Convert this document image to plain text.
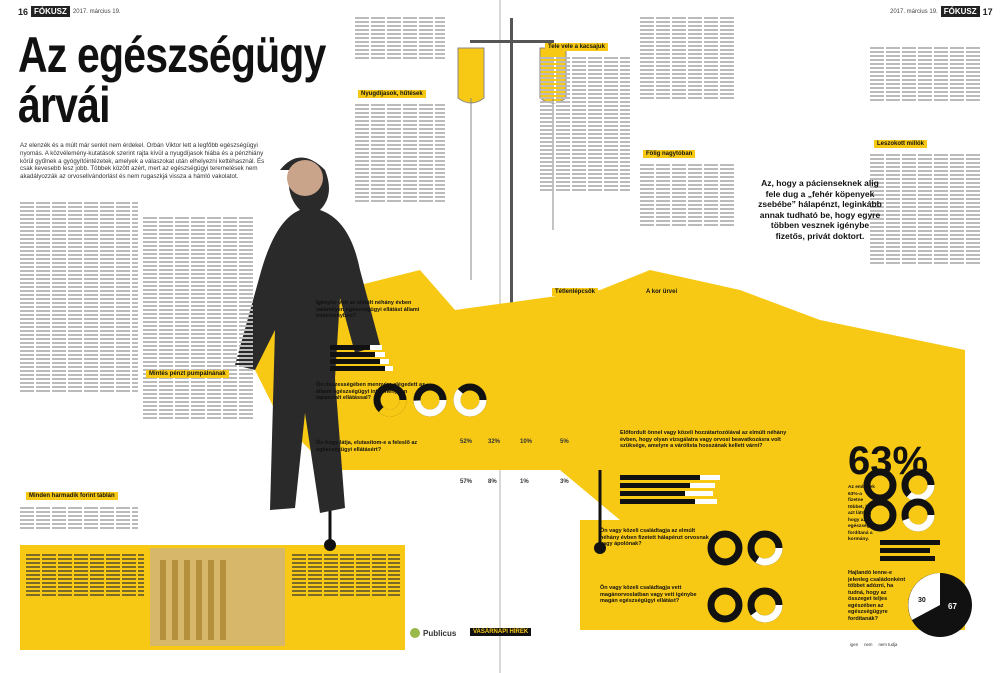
16 FÓKUSZ	2017. március 19.	2017. március 19. FÓKUSZ 17
Az egészségügy
árvái
Az elenzék és a múlt már senkit nem érdekel. Orbán Viktor lett a legfőbb egészségügyi nyomás. A közvélemény-kutatások szerint rajta kívül a nyugdíjasok hiába és a pénzhiány körül gyűlnek a gyógyítóintézetek, amelyek a válaszokat után elhelyezni kettéhasznál. És csak kevesebb lesz jobb. Többek között azért, mert az egészségügyi teremelések nem akadályozzák az orvosellvándorlást és nem rugaszkjá vissza a hámló vakolatot.
Minden harmadik forint táblán
Mintés pénzt pumpálnának
Nyugdíjasok, hűtések
Tele vele a kacsajuk
Tétlenlépcsők
Fölig nagytóban
A kor ürvei
Leszokott millók
Az, hogy a pácienseknek alig fele dug a „fehér köpenyek zsebébe” hálapénzt, leginkább annak tudható be, hogy egyre többen vesznek igénybe fizetős, privát doktort.
63%
Igénybe vett az elmúlt néhány évben valamilyen egészségügyi ellátást állami intézményben?
Ön összességében mennyire elégedett az állami egészségügyi intézményben tapasztalt ellátással?
Ön hogy látja, elutasítom-e a feleslő az egészségügyi ellátásért?
Előfordult önnel vagy közeli hozzátartozóiával az elmúlt néhány évben, hogy olyan vizsgálatra vagy orvosi beavatkozásra volt szüksége, amelyre a várólista hosszának kellett várni?
Ön vagy közeli családtagja az elmúlt néhány évben fizetett hálapénzt orvosnak vagy ápolónak?
Ön vagy közeli családtagja vett magánorvoslatban vagy vett igénybe magán egészségügyi ellátást?
Az emberek 63%-a fizetne többet, ha azt látnák, hogy az egészségügyre fordítaná a kormány.
Hajlandó lenne-e jelenleg családonként többet adózni, ha tudná, hogy az összeget teljes egészében az egészségügyre fordítanák?
52%	32%	10%	5%
57%	8%	1%	3%
67
30
igen nem nem tudja
Publicus	VASÁRNAPI HÍREK
